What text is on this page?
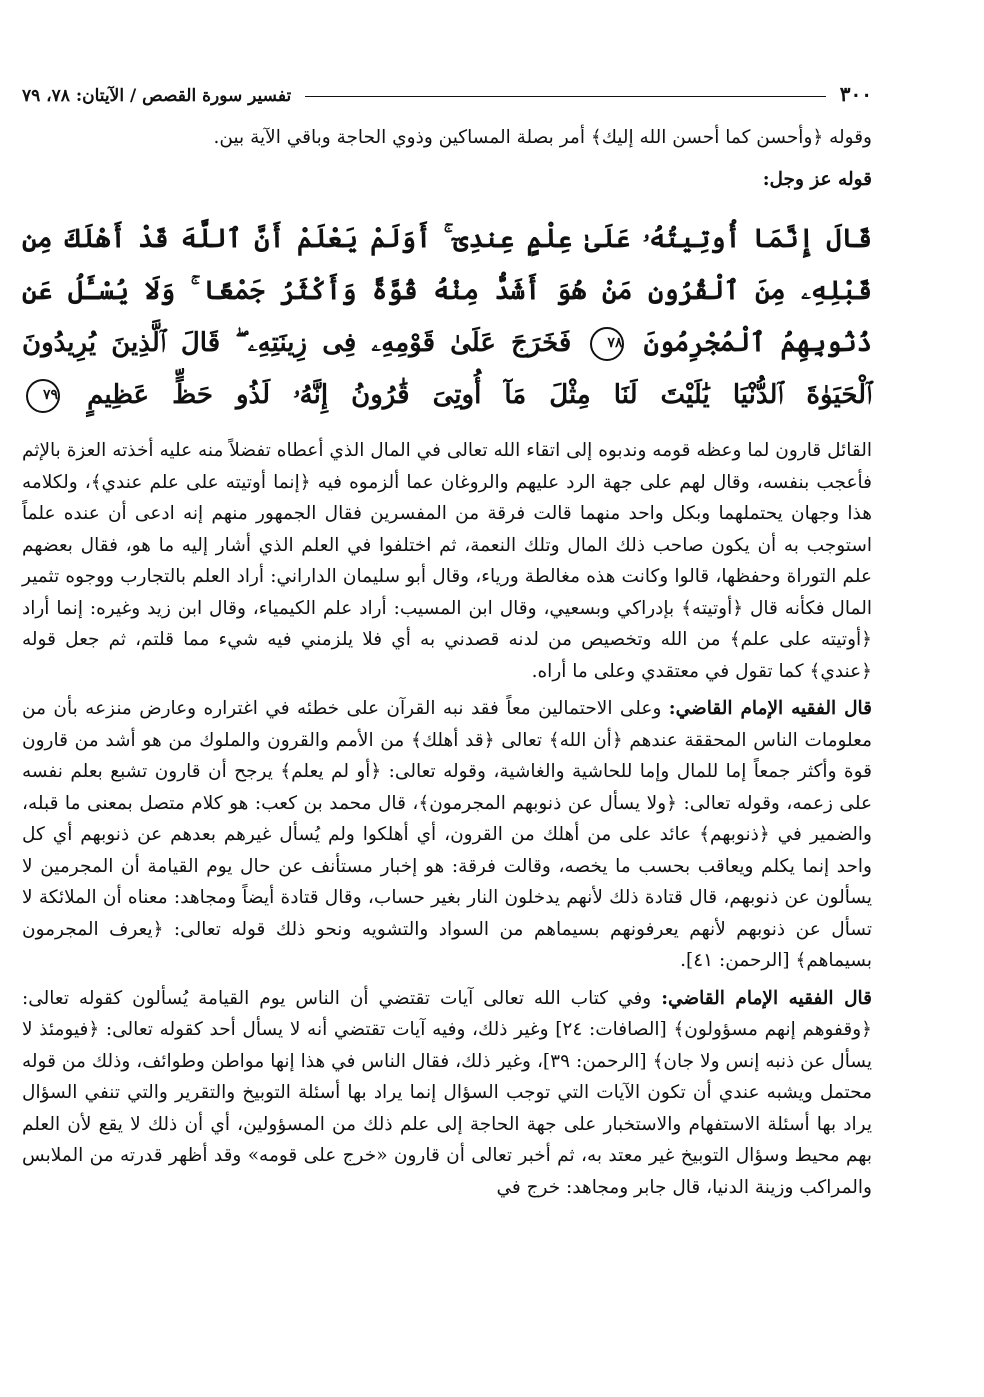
٣٠٠
تفسير سورة القصص / الآيتان: ٧٨، ٧٩

وقوله ﴿وأحسن كما أحسن الله إليك﴾ أمر بصلة المساكين وذوي الحاجة وباقي الآية بين.

قوله عز وجل:

قَالَ إِنَّمَا أُوتِيتُهُۥ عَلَىٰ عِلْمٍ عِندِىٓ ۚ أَوَلَمْ يَعْلَمْ أَنَّ ٱللَّهَ قَدْ أَهْلَكَ مِن قَبْلِهِۦ مِنَ ٱلْقُرُونِ مَنْ هُوَ أَشَدُّ مِنْهُ قُوَّةً وَأَكْثَرُ جَمْعًا ۚ وَلَا يُسْـَٔلُ عَن ذُنُوبِهِمُ ٱلْمُجْرِمُونَ ٧٨ فَخَرَجَ عَلَىٰ قَوْمِهِۦ فِى زِينَتِهِۦ ۖ قَالَ ٱلَّذِينَ يُرِيدُونَ ٱلْحَيَوٰةَ ٱلدُّنْيَا يَٰلَيْتَ لَنَا مِثْلَ مَآ أُوتِىَ قَٰرُونُ إِنَّهُۥ لَذُو حَظٍّ عَظِيمٍ ٧٩

القائل قارون لما وعظه قومه وندبوه إلى اتقاء الله تعالى في المال الذي أعطاه تفضلاً منه عليه أخذته العزة بالإثم فأعجب بنفسه، وقال لهم على جهة الرد عليهم والروغان عما ألزموه فيه ﴿إنما أوتيته على علم عندي﴾، ولكلامه هذا وجهان يحتملهما وبكل واحد منهما قالت فرقة من المفسرين فقال الجمهور منهم إنه ادعى أن عنده علماً استوجب به أن يكون صاحب ذلك المال وتلك النعمة، ثم اختلفوا في العلم الذي أشار إليه ما هو، فقال بعضهم علم التوراة وحفظها، قالوا وكانت هذه مغالطة ورياء، وقال أبو سليمان الداراني: أراد العلم بالتجارب ووجوه تثمير المال فكأنه قال ﴿أوتيته﴾ بإدراكي وبسعيي، وقال ابن المسيب: أراد علم الكيمياء، وقال ابن زيد وغيره: إنما أراد ﴿أوتيته على علم﴾ من الله وتخصيص من لدنه قصدني به أي فلا يلزمني فيه شيء مما قلتم، ثم جعل قوله ﴿عندي﴾ كما تقول في معتقدي وعلى ما أراه.

قال الفقيه الإمام القاضي: وعلى الاحتمالين معاً فقد نبه القرآن على خطئه في اغتراره وعارض منزعه بأن من معلومات الناس المحققة عندهم ﴿أن الله﴾ تعالى ﴿قد أهلك﴾ من الأمم والقرون والملوك من هو أشد من قارون قوة وأكثر جمعاً إما للمال وإما للحاشية والغاشية، وقوله تعالى: ﴿أو لم يعلم﴾ يرجح أن قارون تشبع بعلم نفسه على زعمه، وقوله تعالى: ﴿ولا يسأل عن ذنوبهم المجرمون﴾، قال محمد بن كعب: هو كلام متصل بمعنى ما قبله، والضمير في ﴿ذنوبهم﴾ عائد على من أهلك من القرون، أي أهلكوا ولم يُسأل غيرهم بعدهم عن ذنوبهم أي كل واحد إنما يكلم ويعاقب بحسب ما يخصه، وقالت فرقة: هو إخبار مستأنف عن حال يوم القيامة أن المجرمين لا يسألون عن ذنوبهم، قال قتادة ذلك لأنهم يدخلون النار بغير حساب، وقال قتادة أيضاً ومجاهد: معناه أن الملائكة لا تسأل عن ذنوبهم لأنهم يعرفونهم بسيماهم من السواد والتشويه ونحو ذلك قوله تعالى: ﴿يعرف المجرمون بسيماهم﴾ [الرحمن: ٤١].

قال الفقيه الإمام القاضي: وفي كتاب الله تعالى آيات تقتضي أن الناس يوم القيامة يُسألون كقوله تعالى: ﴿وقفوهم إنهم مسؤولون﴾ [الصافات: ٢٤] وغير ذلك، وفيه آيات تقتضي أنه لا يسأل أحد كقوله تعالى: ﴿فيومئذ لا يسأل عن ذنبه إنس ولا جان﴾ [الرحمن: ٣٩]، وغير ذلك، فقال الناس في هذا إنها مواطن وطوائف، وذلك من قوله محتمل ويشبه عندي أن تكون الآيات التي توجب السؤال إنما يراد بها أسئلة التوبيخ والتقرير والتي تنفي السؤال يراد بها أسئلة الاستفهام والاستخبار على جهة الحاجة إلى علم ذلك من المسؤولين، أي أن ذلك لا يقع لأن العلم بهم محيط وسؤال التوبيخ غير معتد به، ثم أخبر تعالى أن قارون «خرج على قومه» وقد أظهر قدرته من الملابس والمراكب وزينة الدنيا، قال جابر ومجاهد: خرج في
